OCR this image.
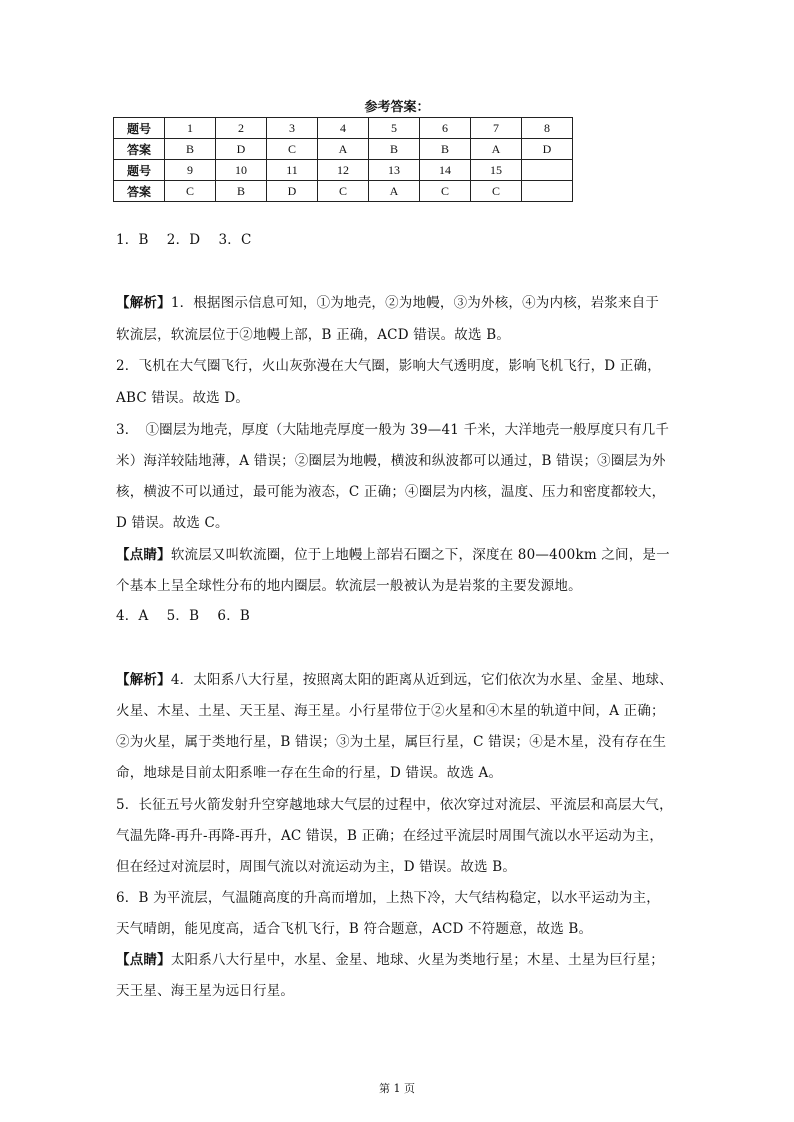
参考答案：
题号	1	2	3	4	5	6	7	8
答案	B	D	C	A	B	B	A	D
题号	9	10	11	12	13	14	15	
答案	C	B	D	C	A	C	C	
1．B　 2．D　 3．C
【解析】1．根据图示信息可知，①为地壳，②为地幔，③为外核，④为内核，岩浆来自于
软流层，软流层位于②地幔上部，B 正确，ACD 错误。故选 B。
2．飞机在大气圈飞行，火山灰弥漫在大气圈，影响大气透明度，影响飞机飞行，D 正确，
ABC 错误。故选 D。
3．　①圈层为地壳，厚度（大陆地壳厚度一般为 39—41 千米，大洋地壳一般厚度只有几千
米）海洋较陆地薄，A 错误；②圈层为地幔，横波和纵波都可以通过，B 错误；③圈层为外
核，横波不可以通过，最可能为液态，C 正确；④圈层为内核，温度、压力和密度都较大，
D 错误。故选 C。
【点睛】软流层又叫软流圈，位于上地幔上部岩石圈之下，深度在 80—400km 之间，是一
个基本上呈全球性分布的地内圈层。软流层一般被认为是岩浆的主要发源地。
4．A　 5．B　 6．B
【解析】4．太阳系八大行星，按照离太阳的距离从近到远，它们依次为水星、金星、地球、
火星、木星、土星、天王星、海王星。小行星带位于②火星和④木星的轨道中间，A 正确；
②为火星，属于类地行星，B 错误；③为土星，属巨行星，C 错误；④是木星，没有存在生
命，地球是目前太阳系唯一存在生命的行星，D 错误。故选 A。
5．长征五号火箭发射升空穿越地球大气层的过程中，依次穿过对流层、平流层和高层大气，
气温先降-再升-再降-再升，AC 错误，B 正确；在经过平流层时周围气流以水平运动为主，
但在经过对流层时，周围气流以对流运动为主，D 错误。故选 B。
6．B 为平流层，气温随高度的升高而增加，上热下冷，大气结构稳定，以水平运动为主，
天气晴朗，能见度高，适合飞机飞行，B 符合题意，ACD 不符题意，故选 B。
【点睛】太阳系八大行星中，水星、金星、地球、火星为类地行星；木星、土星为巨行星；
天王星、海王星为远日行星。
第 1 页
